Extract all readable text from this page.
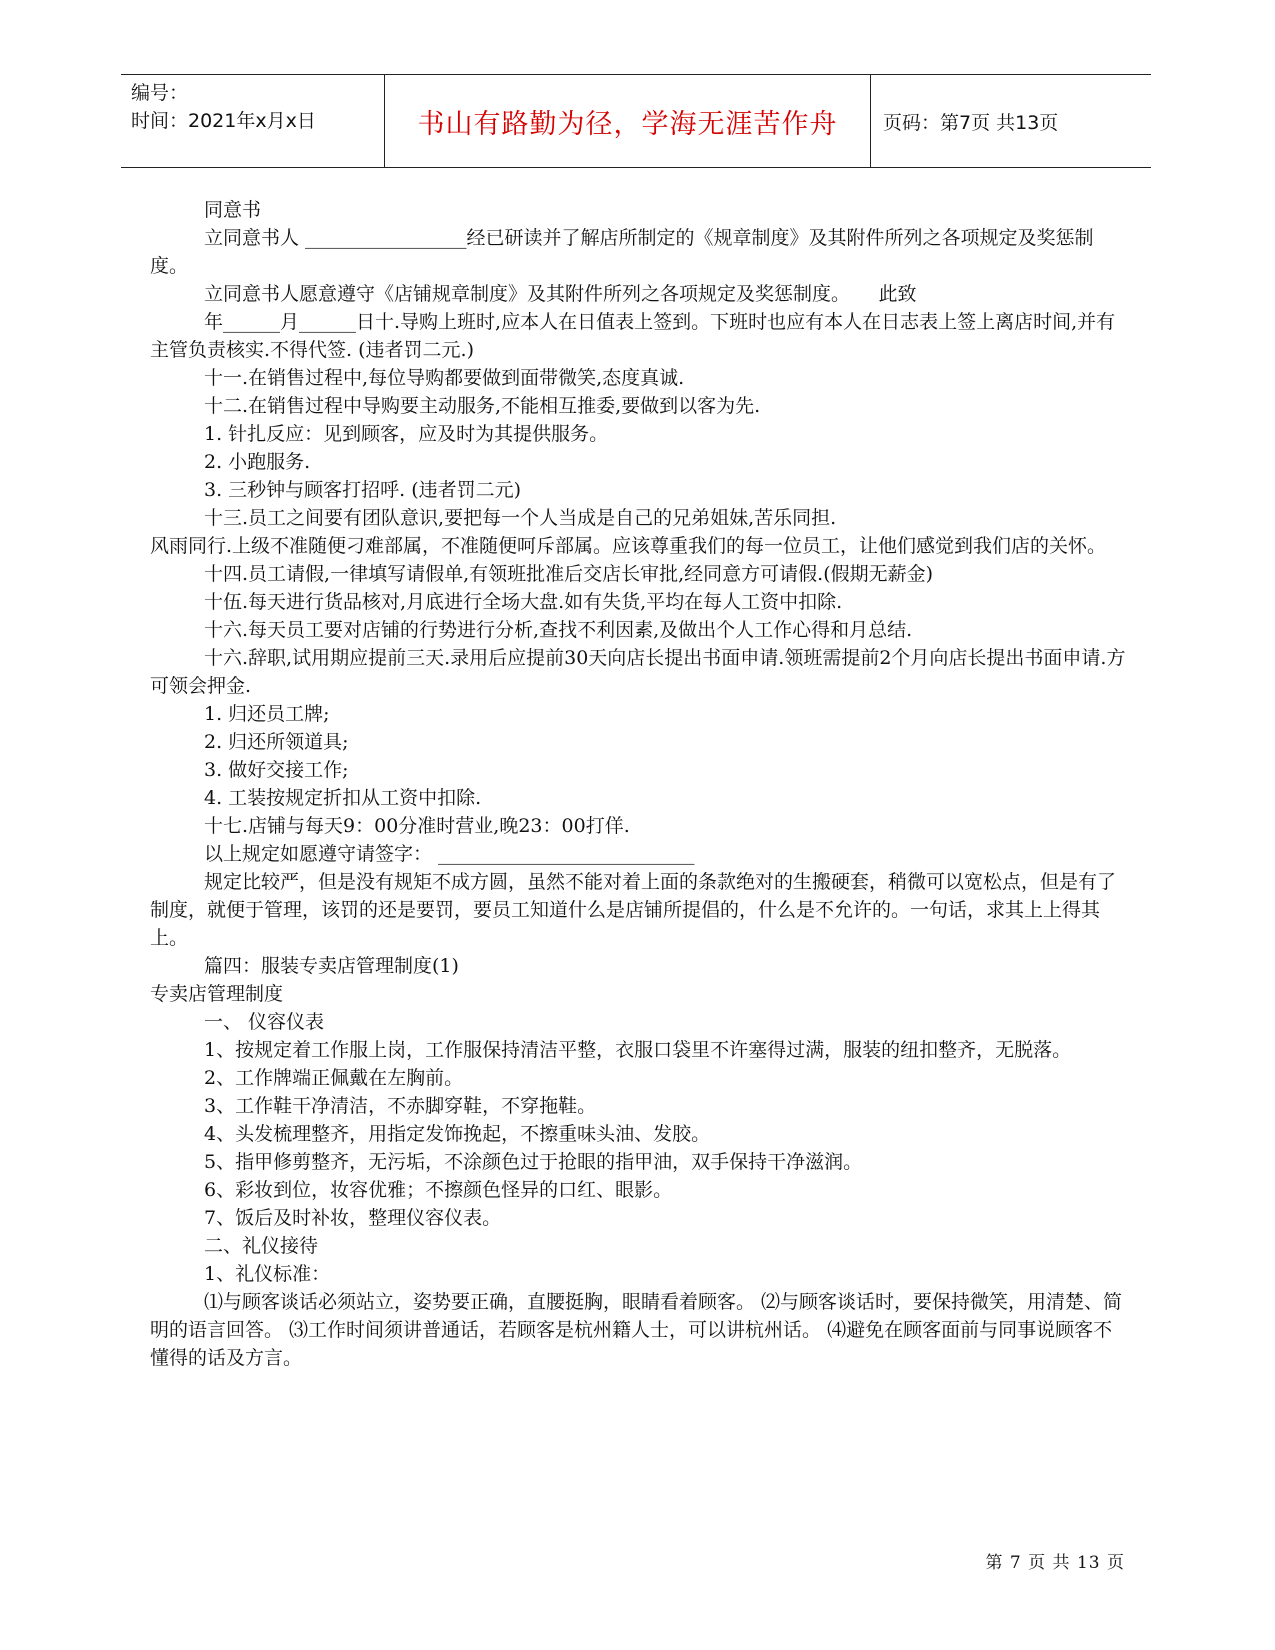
编号：
时间：2021年x月x日	书山有路勤为径，学海无涯苦作舟	页码：第7页 共13页

同意书

立同意书人 _________________经已研读并了解店所制定的《规章制度》及其附件所列之各项规定及奖惩制度。

立同意书人愿意遵守《店铺规章制度》及其附件所列之各项规定及奖惩制度。　　此致

年______月______日十.导购上班时,应本人在日值表上签到。下班时也应有本人在日志表上签上离店时间,并有主管负责核实.不得代签. (违者罚二元.)

十一.在销售过程中,每位导购都要做到面带微笑,态度真诚.

十二.在销售过程中导购要主动服务,不能相互推委,要做到以客为先.

1. 针扎反应：见到顾客，应及时为其提供服务。

2. 小跑服务.

3. 三秒钟与顾客打招呼. (违者罚二元)

十三.员工之间要有团队意识,要把每一个人当成是自己的兄弟姐妹,苦乐同担.

风雨同行.上级不准随便刁难部属，不准随便呵斥部属。应该尊重我们的每一位员工，让他们感觉到我们店的关怀。

十四.员工请假,一律填写请假单,有领班批准后交店长审批,经同意方可请假.(假期无薪金)

十伍.每天进行货品核对,月底进行全场大盘.如有失货,平均在每人工资中扣除.

十六.每天员工要对店铺的行势进行分析,查找不利因素,及做出个人工作心得和月总结.

十六.辞职,试用期应提前三天.录用后应提前30天向店长提出书面申请.领班需提前2个月向店长提出书面申请.方可领会押金.

1. 归还员工牌;

2. 归还所领道具;

3. 做好交接工作;

4. 工装按规定折扣从工资中扣除.

十七.店铺与每天9：00分准时营业,晚23：00打佯.

以上规定如愿遵守请签字： ___________________________

规定比较严，但是没有规矩不成方圆，虽然不能对着上面的条款绝对的生搬硬套，稍微可以宽松点，但是有了制度，就便于管理，该罚的还是要罚，要员工知道什么是店铺所提倡的，什么是不允许的。一句话，求其上上得其上。

篇四：服装专卖店管理制度(1)

专卖店管理制度

一、 仪容仪表

1、按规定着工作服上岗，工作服保持清洁平整，衣服口袋里不许塞得过满，服装的纽扣整齐，无脱落。

2、工作牌端正佩戴在左胸前。

3、工作鞋干净清洁，不赤脚穿鞋，不穿拖鞋。

4、头发梳理整齐，用指定发饰挽起，不擦重味头油、发胶。

5、指甲修剪整齐，无污垢，不涂颜色过于抢眼的指甲油，双手保持干净滋润。

6、彩妆到位，妆容优雅；不擦颜色怪异的口红、眼影。

7、饭后及时补妆，整理仪容仪表。

二、礼仪接待

1、礼仪标准：

⑴与顾客谈话必须站立，姿势要正确，直腰挺胸，眼睛看着顾客。 ⑵与顾客谈话时，要保持微笑，用清楚、简明的语言回答。 ⑶工作时间须讲普通话，若顾客是杭州籍人士，可以讲杭州话。 ⑷避免在顾客面前与同事说顾客不懂得的话及方言。

第 7 页 共 13 页
